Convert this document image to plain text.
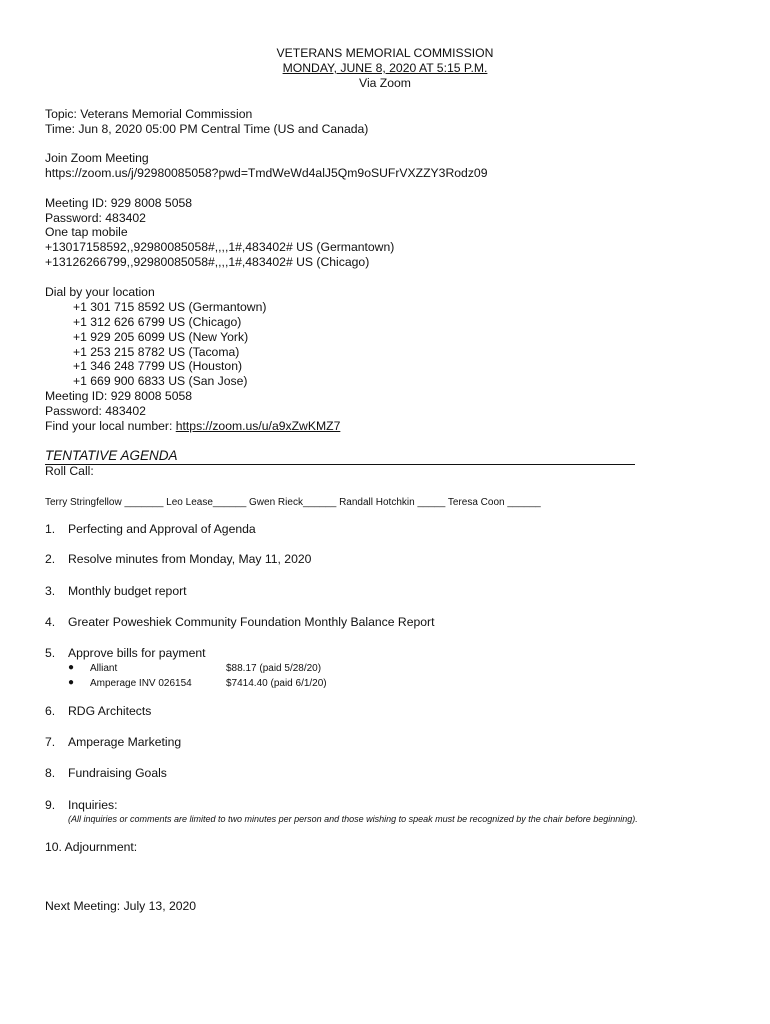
VETERANS MEMORIAL COMMISSION
MONDAY, JUNE 8, 2020 AT 5:15 P.M.
Via Zoom
Topic: Veterans Memorial Commission
Time: Jun 8, 2020 05:00 PM Central Time (US and Canada)
Join Zoom Meeting
https://zoom.us/j/92980085058?pwd=TmdWeWd4alJ5Qm9oSUFrVXZZY3Rodz09
Meeting ID: 929 8008 5058
Password: 483402
One tap mobile
+13017158592,,92980085058#,,,,1#,483402# US (Germantown)
+13126266799,,92980085058#,,,,1#,483402# US (Chicago)
Dial by your location
+1 301 715 8592 US (Germantown)
+1 312 626 6799 US (Chicago)
+1 929 205 6099 US (New York)
+1 253 215 8782 US (Tacoma)
+1 346 248 7799 US (Houston)
+1 669 900 6833 US (San Jose)
Meeting ID: 929 8008 5058
Password: 483402
Find your local number: https://zoom.us/u/a9xZwKMZ7
TENTATIVE AGENDA
Roll Call:
Terry Stringfellow _______ Leo Lease______ Gwen Rieck______ Randall Hotchkin _____ Teresa Coon ______
1. Perfecting and Approval of Agenda
2. Resolve minutes from Monday, May 11, 2020
3. Monthly budget report
4. Greater Poweshiek Community Foundation Monthly Balance Report
5. Approve bills for payment
● Alliant	$88.17 (paid 5/28/20)
● Amperage INV 026154	$7414.40 (paid 6/1/20)
6. RDG Architects
7. Amperage Marketing
8. Fundraising Goals
9. Inquiries:
(All inquiries or comments are limited to two minutes per person and those wishing to speak must be recognized by the chair before beginning).
10. Adjournment:
Next Meeting: July 13, 2020
